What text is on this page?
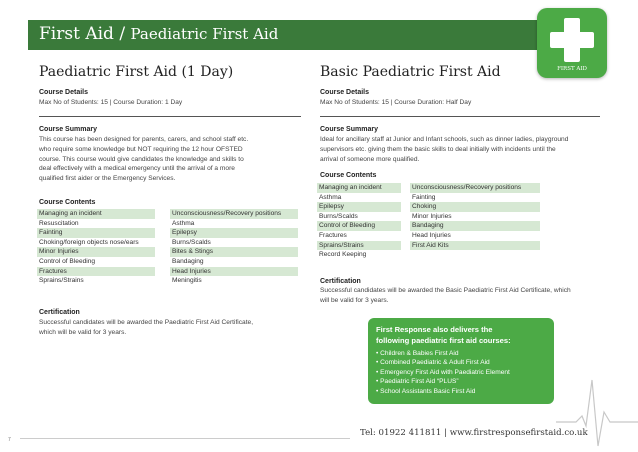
First Aid / Paediatric First Aid
FIRST AID
Paediatric First Aid (1 Day)
Course Details
Max No of Students: 15 | Course Duration: 1 Day
Course Summary
This course has been designed for parents, carers, and school staff etc.
who require some knowledge but NOT requiring the 12 hour OFSTED
course. This course would give candidates the knowledge and skills to
deal effectively with a medical emergency until the arrival of a more
qualified first aider or the Emergency Services.
Course Contents
Managing an incident
Resuscitation
Fainting
Choking/foreign objects nose/ears
Minor Injuries
Control of Bleeding
Fractures
Sprains/Strains
Unconsciousness/Recovery positions
Asthma
Epilepsy
Burns/Scalds
Bites & Stings
Bandaging
Head Injuries
Meningitis
Certification
Successful candidates will be awarded the Paediatric First Aid Certificate,
which will be valid for 3 years.
Basic Paediatric First Aid
Course Details
Max No of Students: 15 | Course Duration: Half Day
Course Summary
Ideal for ancillary staff at Junior and Infant schools, such as dinner ladies, playground
supervisors etc. giving them the basic skills to deal initially with incidents until the
arrival of someone more qualified.
Course Contents
Managing an incident
Asthma
Epilepsy
Burns/Scalds
Control of Bleeding
Fractures
Sprains/Strains
Record Keeping
Unconsciousness/Recovery positions
Fainting
Choking
Minor Injuries
Bandaging
Head Injuries
First Aid Kits
Certification
Successful candidates will be awarded the Basic Paediatric First Aid Certificate, which
will be valid for 3 years.
First Response also delivers the
following paediatric first aid courses:
• Children & Babies First Aid
• Combined Paediatric & Adult First Aid
• Emergency First Aid with Paediatric Element
• Paediatric First Aid “PLUS”
• School Assistants Basic First Aid
7
Tel: 01922 411811 | www.firstresponsefirstaid.co.uk
